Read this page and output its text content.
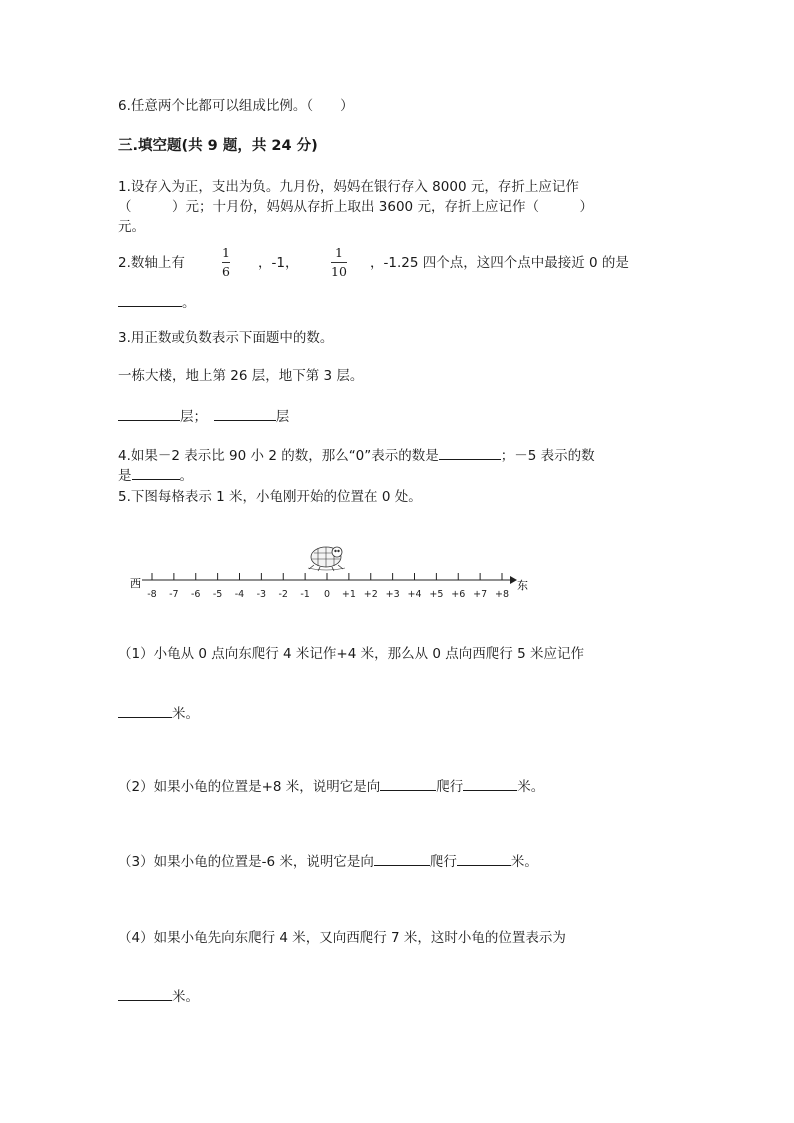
6.任意两个比都可以组成比例。（　　）
三.填空题(共 9 题，共 24 分)
1.设存入为正，支出为负。九月份，妈妈在银行存入 8000 元，存折上应记作
（　　　）元；十月份，妈妈从存折上取出 3600 元，存折上应记作（　　　）
元。
2.数轴上有
1
6
，-1，
1
10
，-1.25 四个点，这四个点中最接近 0 的是
。
3.用正数或负数表示下面题中的数。
一栋大楼，地上第 26 层，地下第 3 层。
层；　	层
4.如果－2 表示比 90 小 2 的数，那么“0”表示的数是	；－5 表示的数
是	。
5.下图每格表示 1 米，小龟刚开始的位置在 0 处。
西	东
-8 -7 -6 -5 -4 -3 -2 -1 0 +1 +2 +3 +4 +5 +6 +7 +8
（1）小龟从 0 点向东爬行 4 米记作+4 米，那么从 0 点向西爬行 5 米应记作
米。
（2）如果小龟的位置是+8 米，说明它是向	爬行	米。
（3）如果小龟的位置是-6 米，说明它是向	爬行	米。
（4）如果小龟先向东爬行 4 米，又向西爬行 7 米，这时小龟的位置表示为
米。
